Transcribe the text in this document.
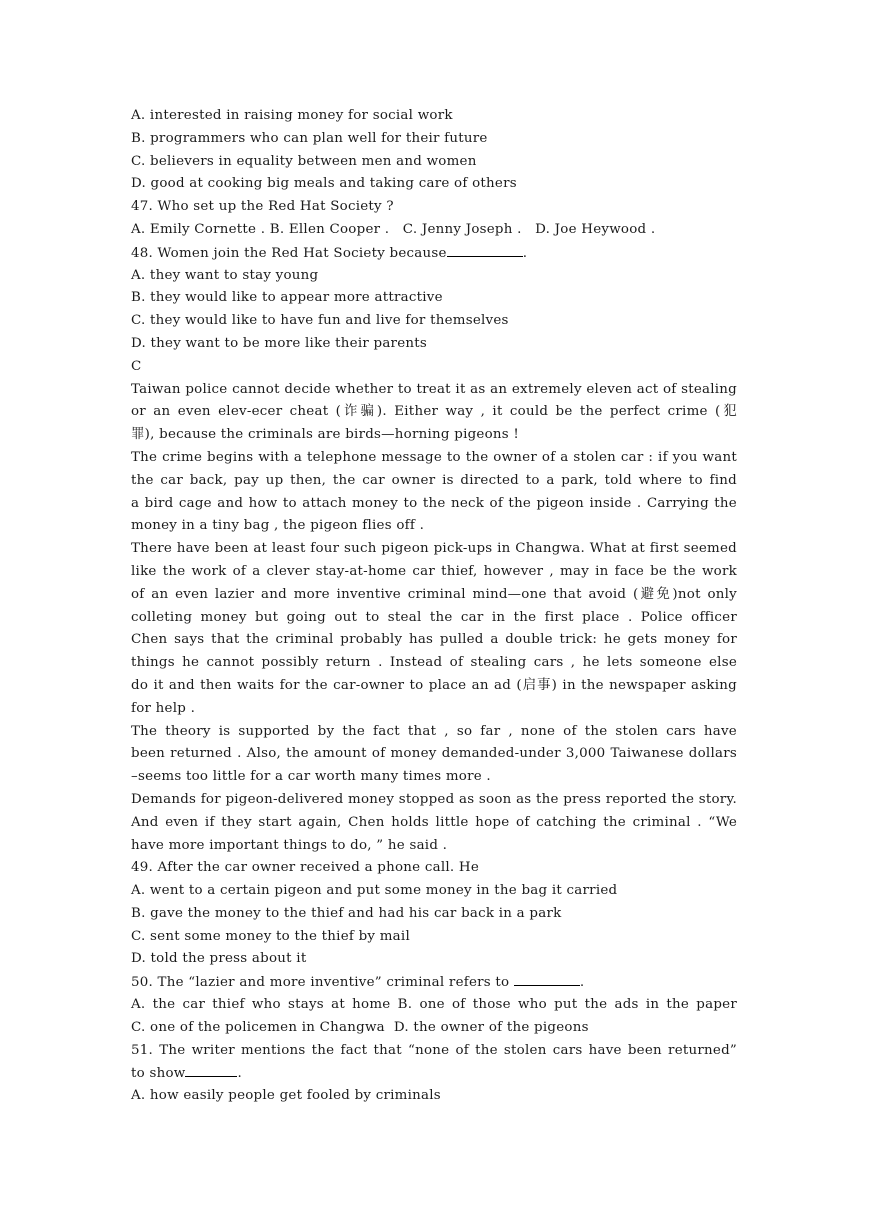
A. interested in raising money for social work
B. programmers who can plan well for their future
C. believers in equality between men and women
D. good at cooking big meals and taking care of others
47. Who set up the Red Hat Society ?
A. Emily Cornette . B. Ellen Cooper .   C. Jenny Joseph .   D. Joe Heywood .
48. Women join the Red Hat Society because	.
A. they want to stay young
B. they would like to appear more attractive
C. they would like to have fun and live for themselves
D. they want to be more like their parents
C
Taiwan police cannot decide whether to treat it as an extremely eleven act of stealing
or an even elev-ecer cheat (诈骗). Either way , it could be the perfect crime (犯
罪), because the criminals are birds—horning pigeons !
The crime begins with a telephone message to the owner of a stolen car : if you want
the car back, pay up then, the car owner is directed to a park, told where to find
a bird cage and how to attach money to the neck of the pigeon inside . Carrying the
money in a tiny bag , the pigeon flies off .
There have been at least four such pigeon pick-ups in Changwa. What at first seemed
like the work of a clever stay-at-home car thief, however , may in face be the work
of an even lazier and more inventive criminal mind—one that avoid (避免)not only
colleting money but going out to steal the car in the first place . Police officer
Chen says that the criminal probably has pulled a double trick: he gets money for
things he cannot possibly return . Instead of stealing cars , he lets someone else
do it and then waits for the car-owner to place an ad (启事) in the newspaper asking
for help .
The theory is supported by the fact that , so far , none of the stolen cars have
been returned . Also, the amount of money demanded-under 3,000 Taiwanese dollars
–seems too little for a car worth many times more .
Demands for pigeon-delivered money stopped as soon as the press reported the story.
And even if they start again, Chen holds little hope of catching the criminal . “We
have more important things to do, ” he said .
49. After the car owner received a phone call. He
A. went to a certain pigeon and put some money in the bag it carried
B. gave the money to the thief and had his car back in a park
C. sent some money to the thief by mail
D. told the press about it
50. The “lazier and more inventive” criminal refers to	.
A. the car thief who stays at home B. one of those who put the ads in the paper
C. one of the policemen in Changwa  D. the owner of the pigeons
51. The writer mentions the fact that “none of the stolen cars have been returned”
to show	.
A. how easily people get fooled by criminals
